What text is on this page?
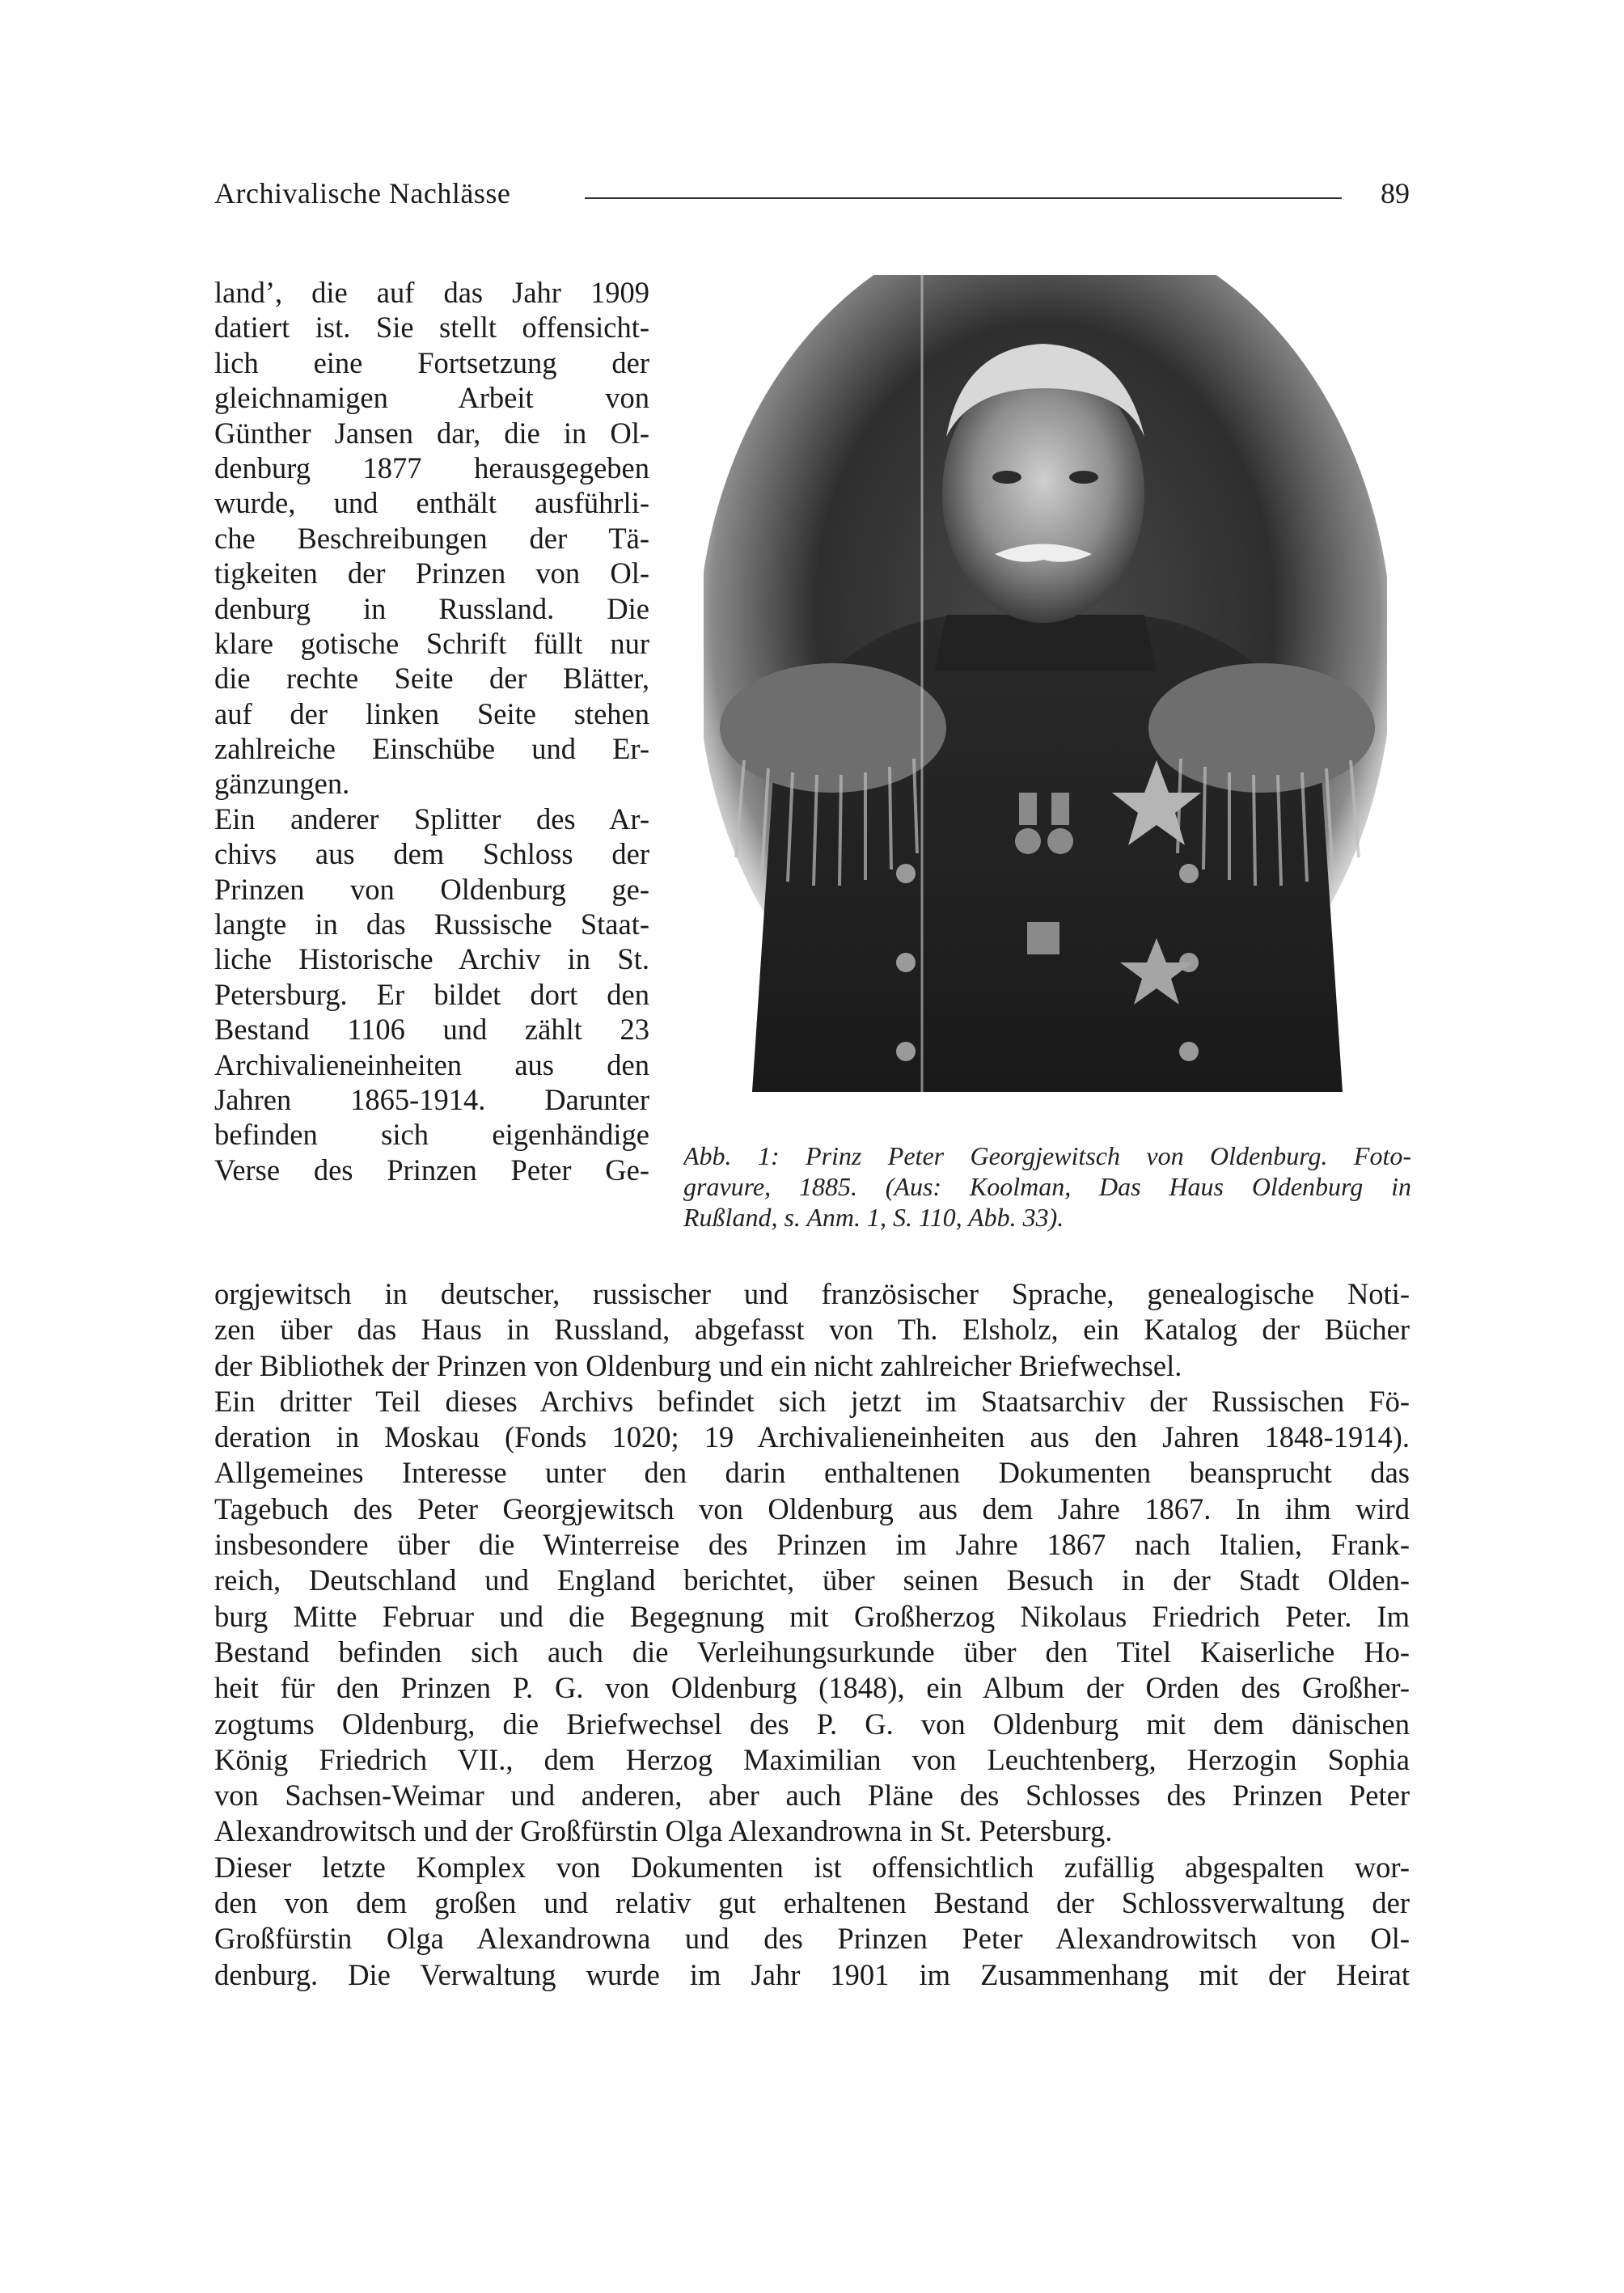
Archivalische Nachlässe	89
land’, die auf das Jahr 1909
datiert ist. Sie stellt offensicht-
lich eine Fortsetzung der
gleichnamigen Arbeit von
Günther Jansen dar, die in Ol-
denburg 1877 herausgegeben
wurde, und enthält ausführli-
che Beschreibungen der Tä-
tigkeiten der Prinzen von Ol-
denburg in Russland. Die
klare gotische Schrift füllt nur
die rechte Seite der Blätter,
auf der linken Seite stehen
zahlreiche Einschübe und Er-
gänzungen.
Ein anderer Splitter des Ar-
chivs aus dem Schloss der
Prinzen von Oldenburg ge-
langte in das Russische Staat-
liche Historische Archiv in St.
Petersburg. Er bildet dort den
Bestand 1106 und zählt 23
Archivalieneinheiten aus den
Jahren 1865-1914. Darunter
befinden sich eigenhändige
Verse des Prinzen Peter Ge- Abb. 1: Prinz Peter Georgjewitsch von Oldenburg. Foto-
gravure, 1885. (Aus: Koolman, Das Haus Oldenburg in
Rußland, s. Anm. 1, S. 110, Abb. 33).
orgjewitsch in deutscher, russischer und französischer Sprache, genealogische Noti-
zen über das Haus in Russland, abgefasst von Th. Elsholz, ein Katalog der Bücher
der Bibliothek der Prinzen von Oldenburg und ein nicht zahlreicher Briefwechsel.
Ein dritter Teil dieses Archivs befindet sich jetzt im Staatsarchiv der Russischen Fö-
deration in Moskau (Fonds 1020; 19 Archivalieneinheiten aus den Jahren 1848-1914).
Allgemeines Interesse unter den darin enthaltenen Dokumenten beansprucht das
Tagebuch des Peter Georgjewitsch von Oldenburg aus dem Jahre 1867. In ihm wird
insbesondere über die Winterreise des Prinzen im Jahre 1867 nach Italien, Frank-
reich, Deutschland und England berichtet, über seinen Besuch in der Stadt Olden-
burg Mitte Februar und die Begegnung mit Großherzog Nikolaus Friedrich Peter. Im
Bestand befinden sich auch die Verleihungsurkunde über den Titel Kaiserliche Ho-
heit für den Prinzen P. G. von Oldenburg (1848), ein Album der Orden des Großher-
zogtums Oldenburg, die Briefwechsel des P. G. von Oldenburg mit dem dänischen
König Friedrich VII., dem Herzog Maximilian von Leuchtenberg, Herzogin Sophia
von Sachsen-Weimar und anderen, aber auch Pläne des Schlosses des Prinzen Peter
Alexandrowitsch und der Großfürstin Olga Alexandrowna in St. Petersburg.
Dieser letzte Komplex von Dokumenten ist offensichtlich zufällig abgespalten wor-
den von dem großen und relativ gut erhaltenen Bestand der Schlossverwaltung der
Großfürstin Olga Alexandrowna und des Prinzen Peter Alexandrowitsch von Ol-
denburg. Die Verwaltung wurde im Jahr 1901 im Zusammenhang mit der Heirat
